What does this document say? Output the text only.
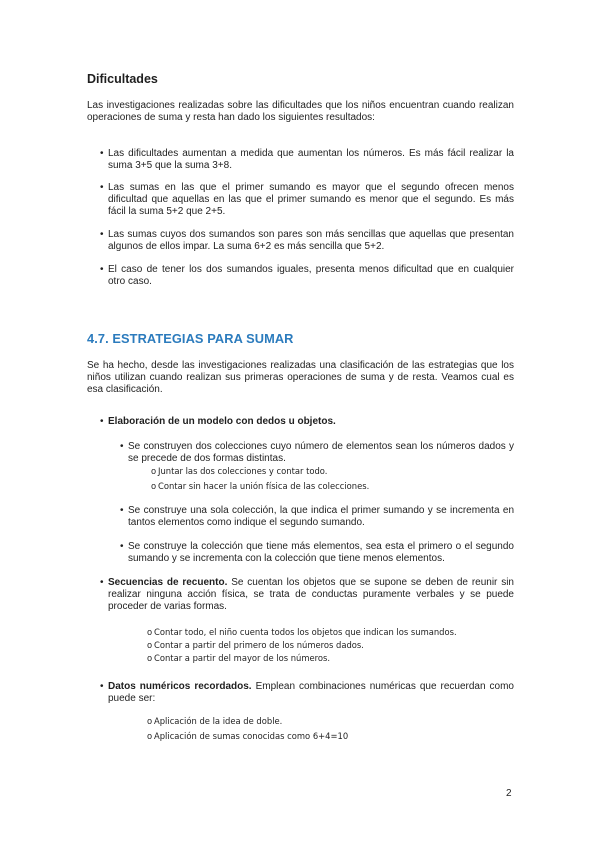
Dificultades

Las investigaciones realizadas sobre las dificultades que los niños encuentran cuando realizan operaciones de suma y resta han dado los siguientes resultados:

• Las dificultades aumentan a medida que aumentan los números. Es más fácil realizar la suma 3+5 que la suma 3+8.
• Las sumas en las que el primer sumando es mayor que el segundo ofrecen menos dificultad que aquellas en las que el primer sumando es menor que el segundo. Es más fácil la suma 5+2 que 2+5.
• Las sumas cuyos dos sumandos son pares son más sencillas que aquellas que presentan algunos de ellos impar. La suma 6+2 es más sencilla que 5+2.
• El caso de tener los dos sumandos iguales, presenta menos dificultad que en cualquier otro caso.
4.7. ESTRATEGIAS PARA SUMAR

Se ha hecho, desde las investigaciones realizadas una clasificación de las estrategias que los niños utilizan cuando realizan sus primeras operaciones de suma y de resta. Veamos cual es esa clasificación.

• Elaboración de un modelo con dedos u objetos.
• Se construyen dos colecciones cuyo número de elementos sean los números dados y se precede de dos formas distintas.
o Juntar las dos colecciones y contar todo.
o Contar sin hacer la unión física de las colecciones.
• Se construye una sola colección, la que indica el primer sumando y se incrementa en tantos elementos como indique el segundo sumando.
• Se construye la colección que tiene más elementos, sea esta el primero o el segundo sumando y se incrementa con la colección que tiene menos elementos.
• Secuencias de recuento. Se cuentan los objetos que se supone se deben de reunir sin realizar ninguna acción física, se trata de conductas puramente verbales y se puede proceder de varias formas.
o Contar todo, el niño cuenta todos los objetos que indican los sumandos.
o Contar a partir del primero de los números dados.
o Contar a partir del mayor de los números.
• Datos numéricos recordados. Emplean combinaciones numéricas que recuerdan como puede ser:
o Aplicación de la idea de doble.
o Aplicación de sumas conocidas como 6+4=10

2
